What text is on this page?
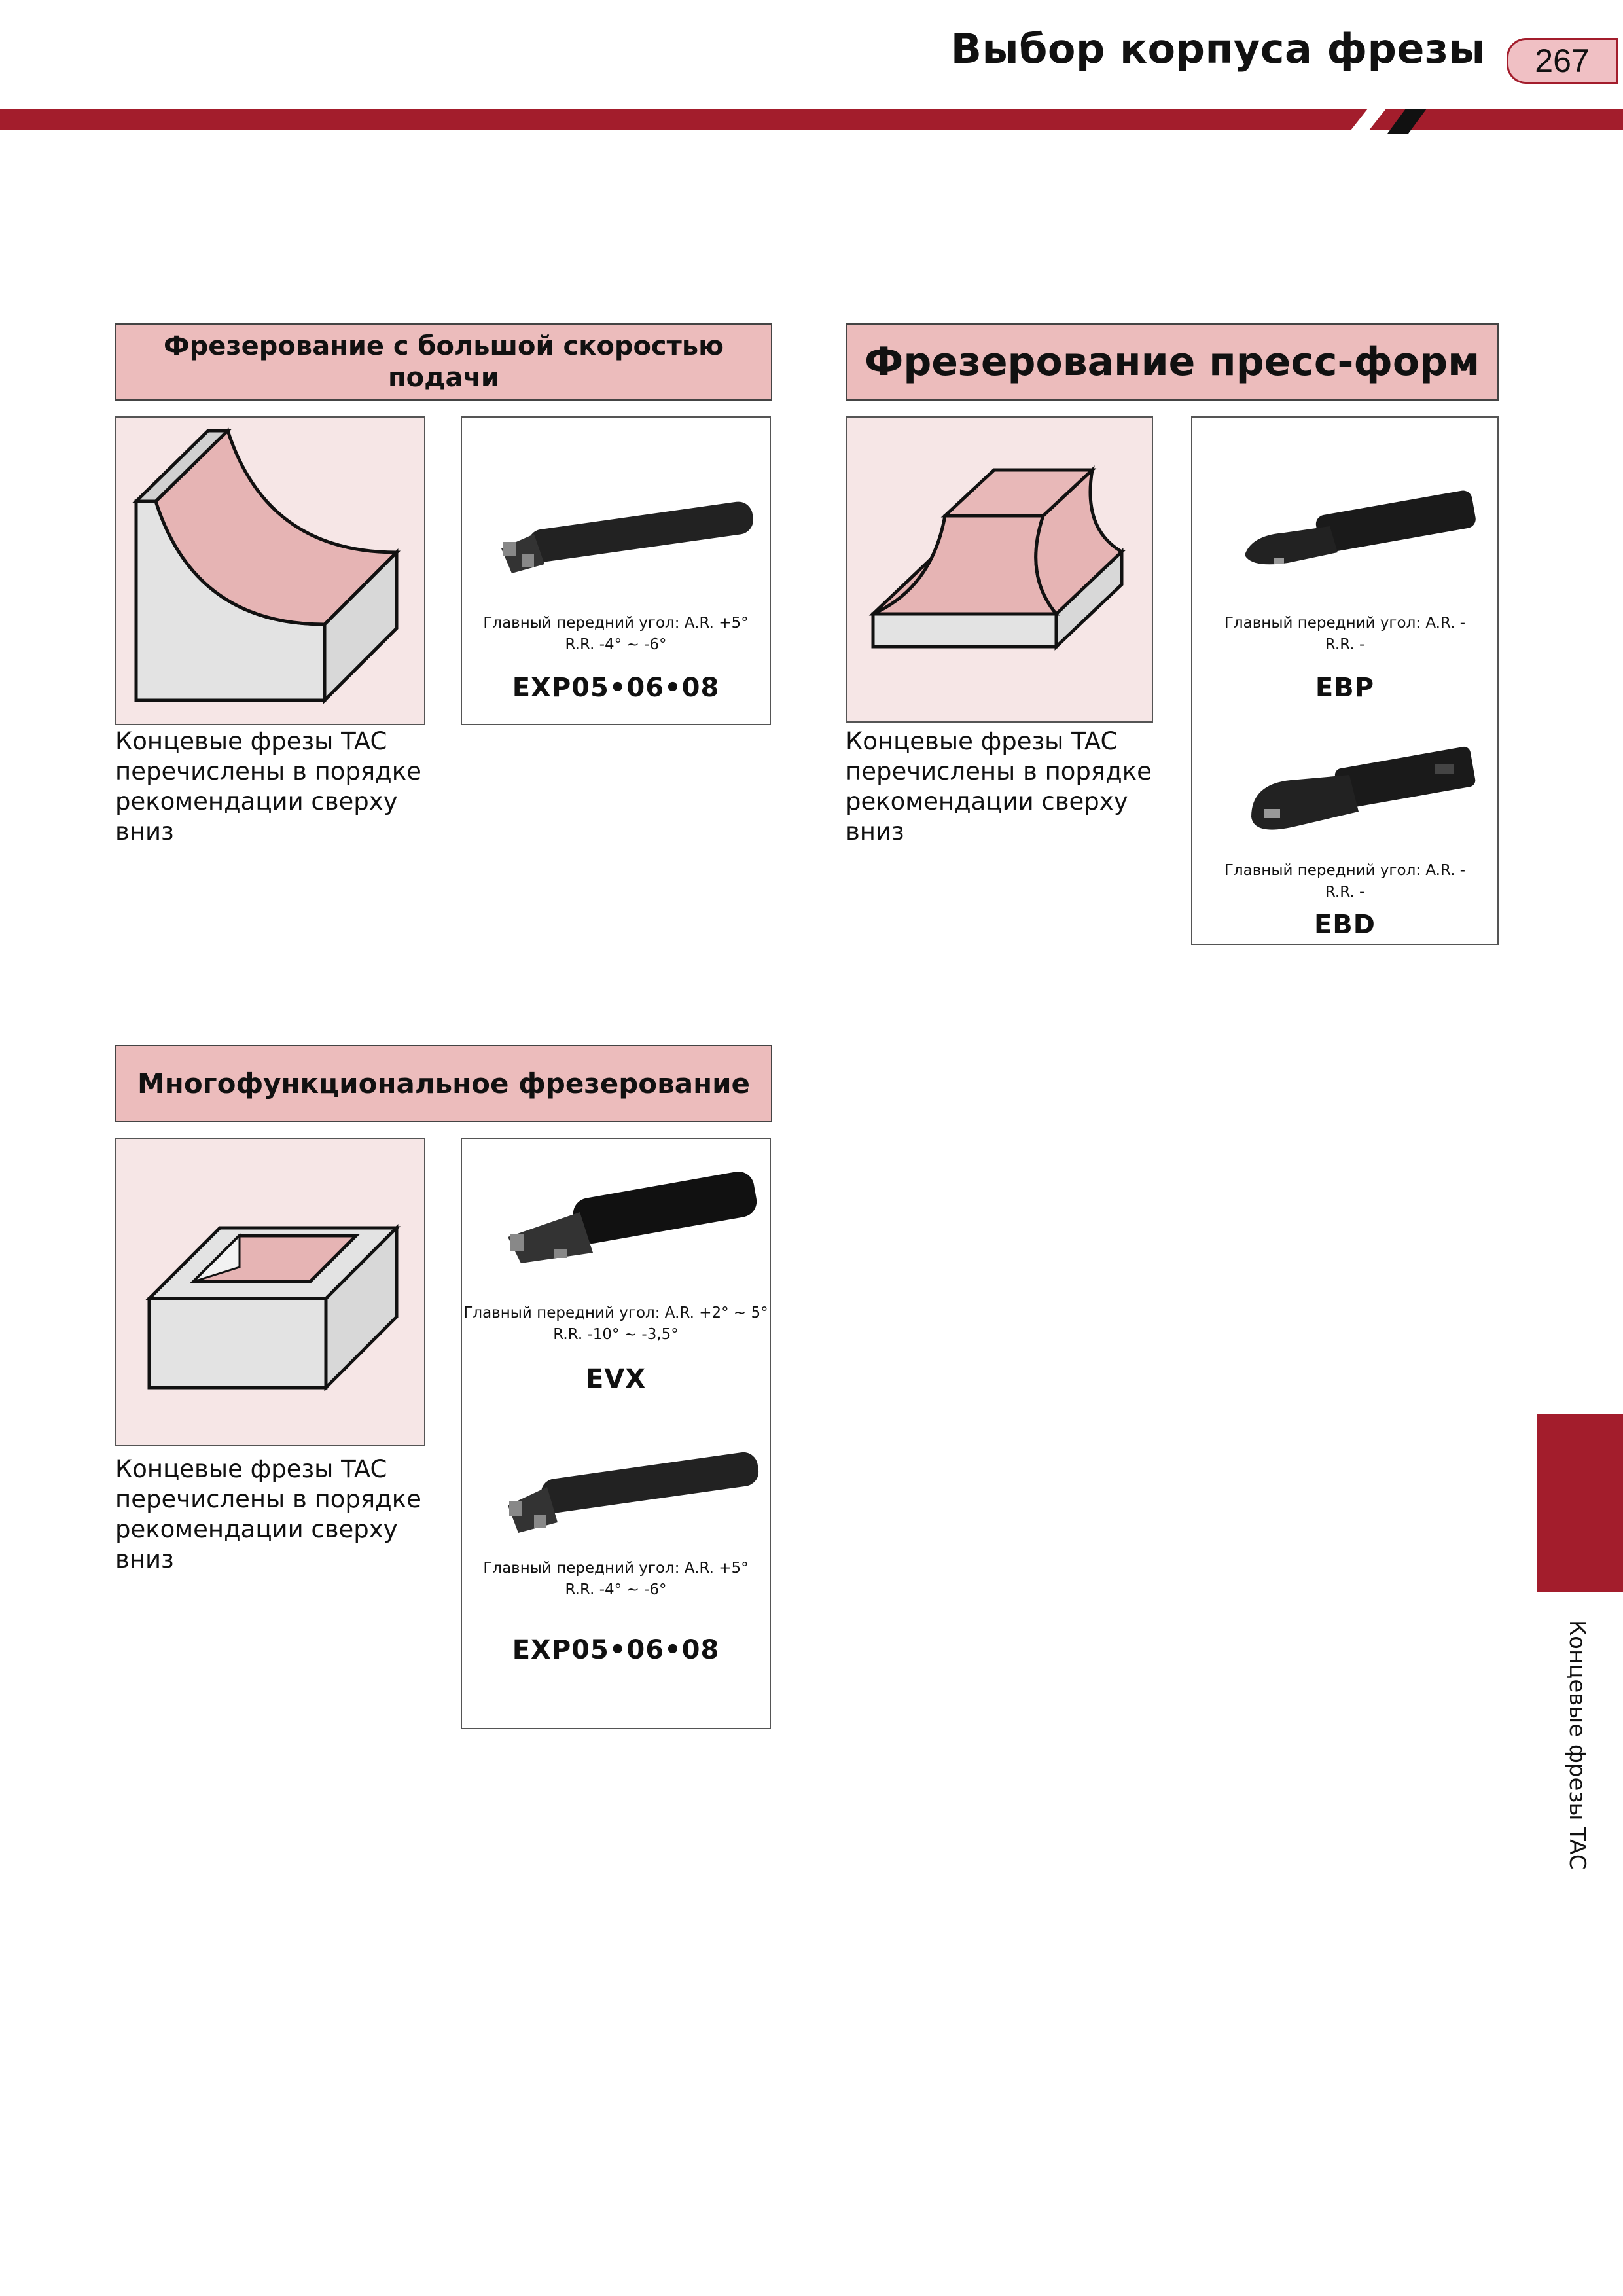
Выбор корпуса фрезы	267
Фрезерование с большой скоростью подачи
Главный передний угол: A.R. +5°
R.R. -4° ~ -6°
EXP05•06•08
Концевые фрезы TAC
перечислены в порядке
рекомендации сверху
вниз
Фрезерование пресс-форм
Главный передний угол: A.R. -
R.R. -
EBP
Главный передний угол: A.R. -
R.R. -
EBD
Концевые фрезы TAC
перечислены в порядке
рекомендации сверху
вниз
Многофункциональное фрезерование
Главный передний угол: A.R. +2° ~ 5°
R.R. -10° ~ -3,5°
EVX
Главный передний угол: A.R. +5°
R.R. -4° ~ -6°
EXP05•06•08
Концевые фрезы TAC
перечислены в порядке
рекомендации сверху
вниз
Концевые фрезы TAC
